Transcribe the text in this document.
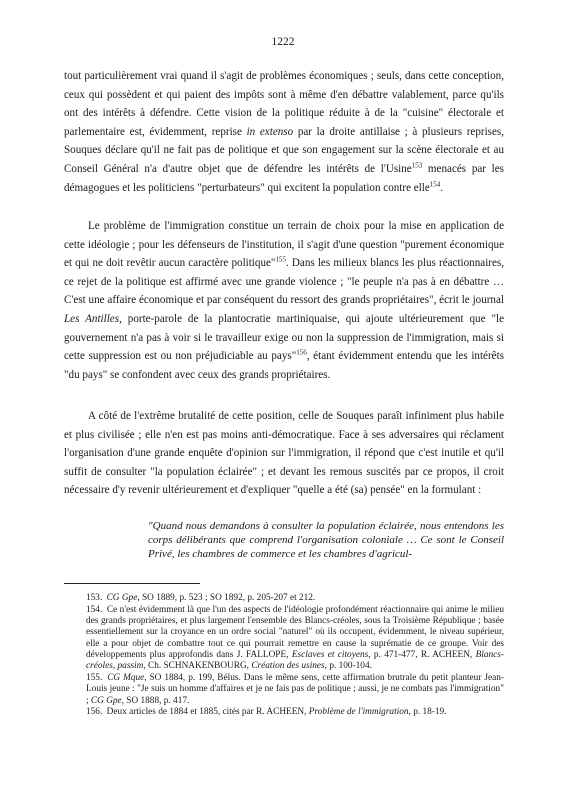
1222

tout particulièrement vrai quand il s'agit de problèmes économiques ; seuls, dans cette conception, ceux qui possèdent et qui paient des impôts sont à même d'en débattre valablement, parce qu'ils ont des intérêts à défendre. Cette vision de la politique réduite à de la "cuisine" électorale et parlementaire est, évidemment, reprise in extenso par la droite antillaise ; à plusieurs reprises, Souques déclare qu'il ne fait pas de politique et que son engagement sur la scène électorale et au Conseil Général n'a d'autre objet que de défendre les intérêts de l'Usine$^{153}$ menacés par les démagogues et les politiciens "perturbateurs" qui excitent la population contre elle$^{154}$.

Le problème de l'immigration constitue un terrain de choix pour la mise en application de cette idéologie ; pour les défenseurs de l'institution, il s'agit d'une question "purement économique et qui ne doit revêtir aucun caractère politique"$^{155}$. Dans les milieux blancs les plus réactionnaires, ce rejet de la politique est affirmé avec une grande violence ; "le peuple n'a pas à en débattre … C'est une affaire économique et par conséquent du ressort des grands propriétaires", écrit le journal Les Antilles, porte-parole de la plantocratie martiniquaise, qui ajoute ultérieurement que "le gouvernement n'a pas à voir si le travailleur exige ou non la suppression de l'immigration, mais si cette suppression est ou non préjudiciable au pays"$^{156}$, étant évidemment entendu que les intérêts "du pays" se confondent avec ceux des grands propriétaires.

A côté de l'extrême brutalité de cette position, celle de Souques paraît infiniment plus habile et plus civilisée ; elle n'en est pas moins anti-démocratique. Face à ses adversaires qui réclament l'organisation d'une grande enquête d'opinion sur l'immigration, il répond que c'est inutile et qu'il suffit de consulter "la population éclairée" ; et devant les remous suscités par ce propos, il croit nécessaire d'y revenir ultérieurement et d'expliquer "quelle a été (sa) pensée" en la formulant :

"Quand nous demandons à consulter la population éclairée, nous entendons les corps délibérants que comprend l'organisation coloniale … Ce sont le Conseil Privé, les chambres de commerce et les chambres d'agricul-

153. CG Gpe, SO 1889, p. 523 ; SO 1892, p. 205-207 et 212.

154. Ce n'est évidemment là que l'un des aspects de l'idéologie profondément réactionnaire qui anime le milieu des grands propriétaires, et plus largement l'ensemble des Blancs-créoles, sous la Troisième République ; basée essentiellement sur la croyance en un ordre social "naturel" où ils occupent, évidemment, le niveau supérieur, elle a pour objet de combattre tout ce qui pourrait remettre en cause la suprématie de ce groupe. Voir des développements plus approfondis dans J. FALLOPE, Esclaves et citoyens, p. 471-477, R. ACHEEN, Blancs-créoles, passim, Ch. SCHNAKENBOURG, Création des usines, p. 100-104.

155. CG Mque, SO 1884, p. 199, Bélus. Dans le même sens, cette affirmation brutrale du petit planteur Jean-Louis jeune : "Je suis un homme d'affaires et je ne fais pas de politique ; aussi, je ne combats pas l'immigration" ; CG Gpe, SO 1888, p. 417.

156. Deux articles de 1884 et 1885, cités par R. ACHEEN, Problème de l'immigration, p. 18-19.
